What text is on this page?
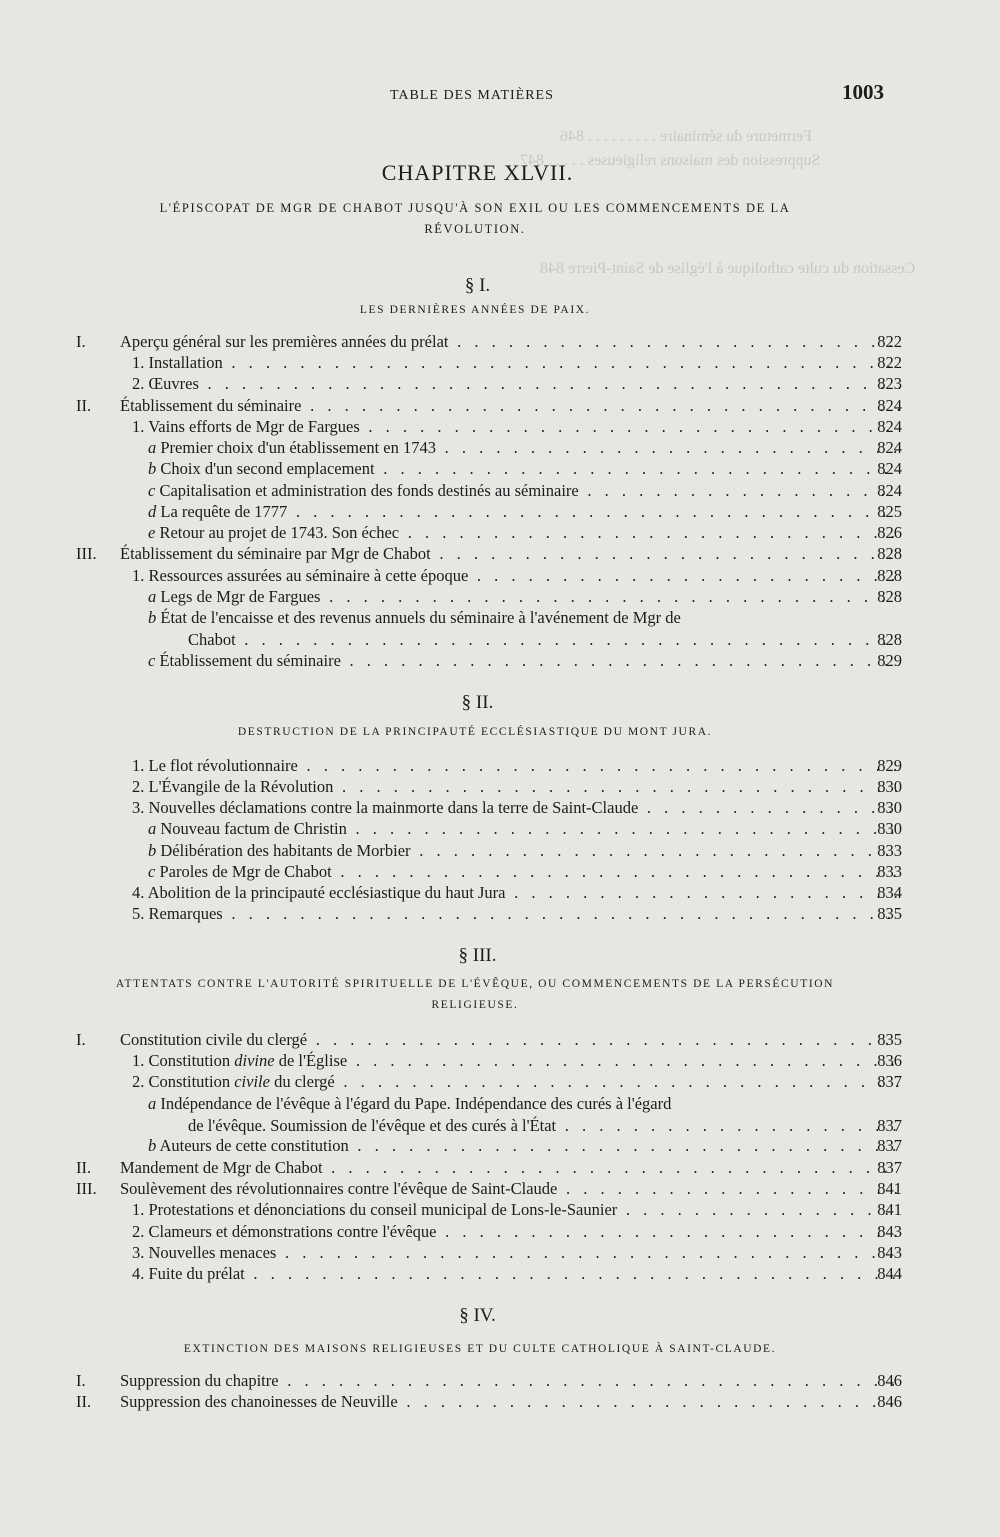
Fermeture du séminaire . . . . . . . . . 846
Suppression des maisons religieuses . . . . . 847
Cessation du culte catholique à l'église de Saint-Pierre 848
TABLE DES MATIÈRES	1003
CHAPITRE XLVII.
L'ÉPISCOPAT DE MGR DE CHABOT JUSQU'À SON EXIL OU LES COMMENCEMENTS DE LA RÉVOLUTION.
§ I.
LES DERNIÈRES ANNÉES DE PAIX.
I.	Aperçu général sur les premières années du prélat . . .	822
1. Installation . . .	822
2. Œuvres . . .	823
II.	Établissement du séminaire . . .	824
1. Vains efforts de Mgr de Fargues . . .	824
a Premier choix d'un établissement en 1743 . . .	824
b Choix d'un second emplacement . . .	824
c Capitalisation et administration des fonds destinés au séminaire . . .	824
d La requête de 1777 . . .	825
e Retour au projet de 1743. Son échec . . .	826
III.	Établissement du séminaire par Mgr de Chabot . . .	828
1. Ressources assurées au séminaire à cette époque . . .	828
a Legs de Mgr de Fargues . . .	828
b État de l'encaisse et des revenus annuels du séminaire à l'avénement de Mgr de
Chabot . . .	828
c Établissement du séminaire . . .	829
§ II.
DESTRUCTION DE LA PRINCIPAUTÉ ECCLÉSIASTIQUE DU MONT JURA.
1. Le flot révolutionnaire . . .	829
2. L'Évangile de la Révolution . . .	830
3. Nouvelles déclamations contre la mainmorte dans la terre de Saint-Claude . . .	830
a Nouveau factum de Christin . . .	830
b Délibération des habitants de Morbier . . .	833
c Paroles de Mgr de Chabot . . .	833
4. Abolition de la principauté ecclésiastique du haut Jura . . .	834
5. Remarques . . .	835
§ III.
ATTENTATS CONTRE L'AUTORITÉ SPIRITUELLE DE L'ÉVÊQUE, OU COMMENCEMENTS DE LA PERSÉCUTION RELIGIEUSE.
I.	Constitution civile du clergé . . .	835
1. Constitution divine de l'Église . . .	836
2. Constitution civile du clergé . . .	837
a Indépendance de l'évêque à l'égard du Pape. Indépendance des curés à l'égard
de l'évêque. Soumission de l'évêque et des curés à l'État . . .	837
b Auteurs de cette constitution . . .	837
II.	Mandement de Mgr de Chabot . . .	837
III.	Soulèvement des révolutionnaires contre l'évêque de Saint-Claude . . .	841
1. Protestations et dénonciations du conseil municipal de Lons-le-Saunier . . .	841
2. Clameurs et démonstrations contre l'évêque . . .	843
3. Nouvelles menaces . . .	843
4. Fuite du prélat . . .	844
§ IV.
EXTINCTION DES MAISONS RELIGIEUSES ET DU CULTE CATHOLIQUE À SAINT-CLAUDE.
I.	Suppression du chapitre . . .	846
II.	Suppression des chanoinesses de Neuville . . .	846
